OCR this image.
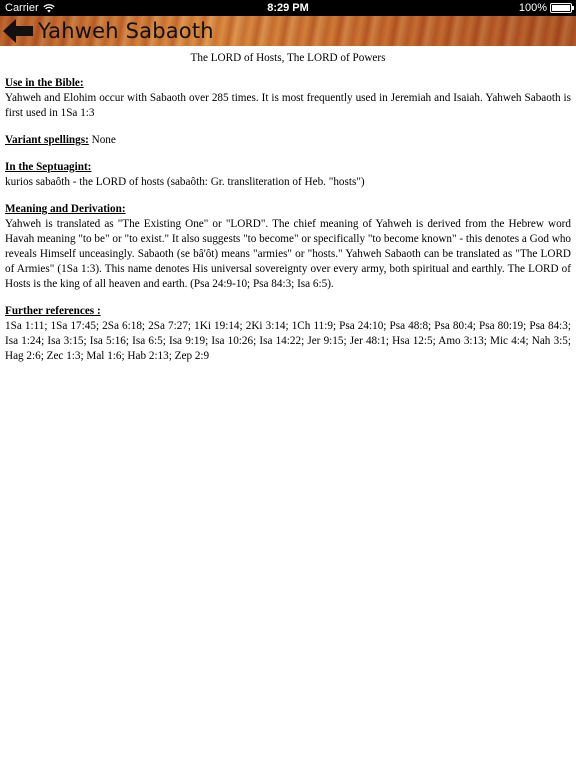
Carrier	8:29 PM	100%
Yahweh Sabaoth
The LORD of Hosts, The LORD of Powers
Use in the Bible:
Yahweh and Elohim occur with Sabaoth over 285 times. It is most frequently used in Jeremiah and Isaiah. Yahweh Sabaoth is first used in 1Sa 1:3
Variant spellings: None
In the Septuagint:
kurios sabaôth - the LORD of hosts (sabaôth: Gr. transliteration of Heb. "hosts")
Meaning and Derivation:
Yahweh is translated as "The Existing One" or "LORD". The chief meaning of Yahweh is derived from the Hebrew word Havah meaning "to be" or "to exist." It also suggests "to become" or specifically "to become known" - this denotes a God who reveals Himself unceasingly. Sabaoth (se bâ'ôt) means "armies" or "hosts." Yahweh Sabaoth can be translated as "The LORD of Armies" (1Sa 1:3). This name denotes His universal sovereignty over every army, both spiritual and earthly. The LORD of Hosts is the king of all heaven and earth. (Psa 24:9-10; Psa 84:3; Isa 6:5).
Further references :
1Sa 1:11; 1Sa 17:45; 2Sa 6:18; 2Sa 7:27; 1Ki 19:14; 2Ki 3:14; 1Ch 11:9; Psa 24:10; Psa 48:8; Psa 80:4; Psa 80:19; Psa 84:3; Isa 1:24; Isa 3:15; Isa 5:16; Isa 6:5; Isa 9:19; Isa 10:26; Isa 14:22; Jer 9:15; Jer 48:1; Hsa 12:5; Amo 3:13; Mic 4:4; Nah 3:5; Hag 2:6; Zec 1:3; Mal 1:6; Hab 2:13; Zep 2:9
